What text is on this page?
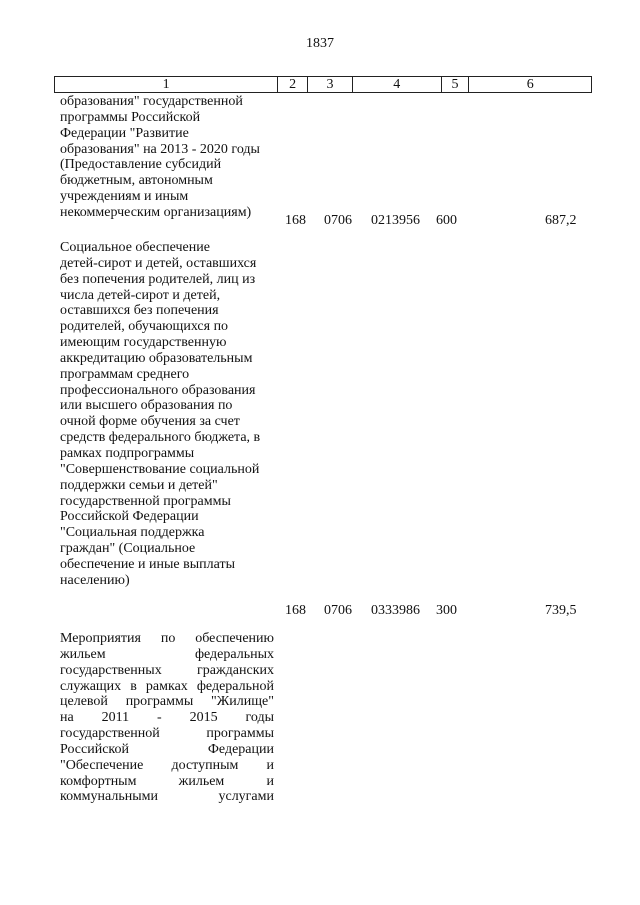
1837
1	2	3	4	5	6
образования" государственной
программы Российской
Федерации "Развитие
образования" на 2013 - 2020 годы
(Предоставление субсидий
бюджетным, автономным
учреждениям и иным
некоммерческим организациям)
168 0706 0213956 600	687,2
Социальное обеспечение
детей-сирот и детей, оставшихся
без попечения родителей, лиц из
числа детей-сирот и детей,
оставшихся без попечения
родителей, обучающихся по
имеющим государственную
аккредитацию образовательным
программам среднего
профессионального образования
или высшего образования по
очной форме обучения за счет
средств федерального бюджета, в
рамках подпрограммы
"Совершенствование социальной
поддержки семьи и детей"
государственной программы
Российской Федерации
"Социальная поддержка
граждан" (Социальное
обеспечение и иные выплаты
населению)
168 0706 0333986 300	739,5
Мероприятия по обеспечению
жильем федеральных
государственных гражданских
служащих в рамках федеральной
целевой программы "Жилище"
на 2011 - 2015 годы
государственной программы
Российской Федерации
"Обеспечение доступным и
комфортным жильем и
коммунальными услугами
